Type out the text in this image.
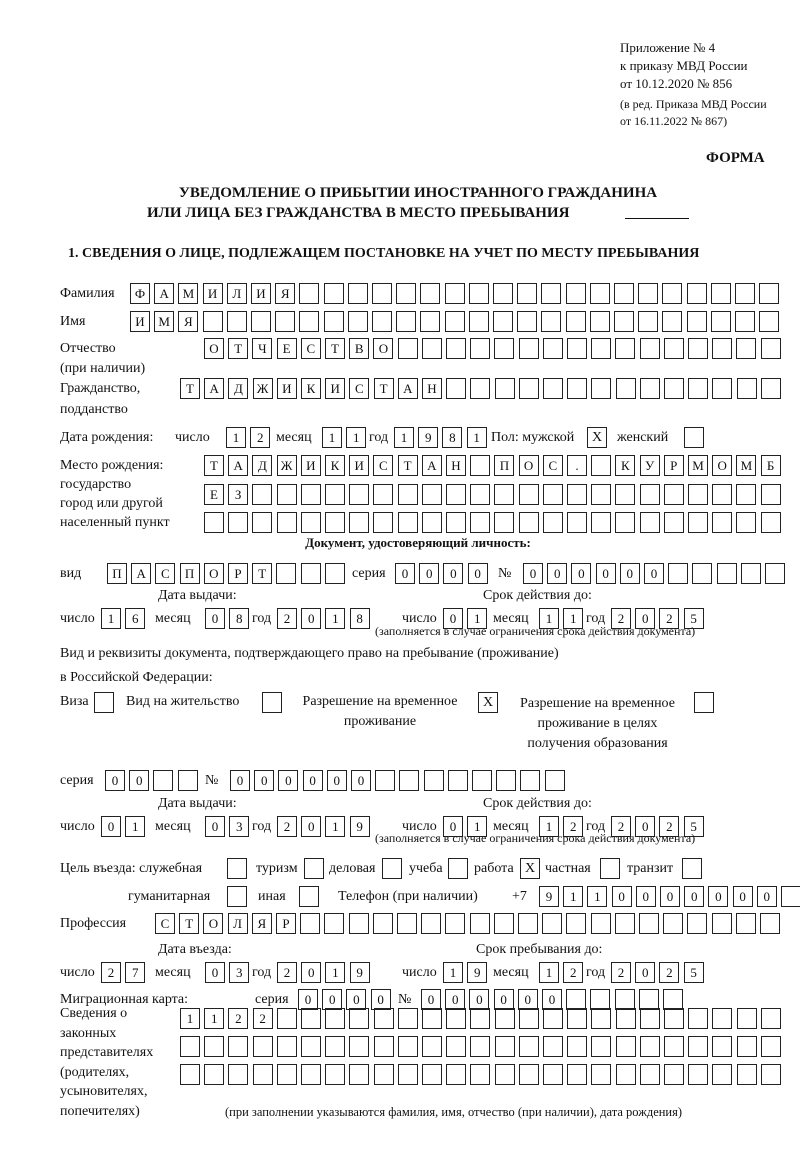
Приложение № 4
к приказу МВД России
от 10.12.2020 № 856
(в ред. Приказа МВД России
от 16.11.2022 № 867)
ФОРМА
УВЕДОМЛЕНИЕ О ПРИБЫТИИ ИНОСТРАННОГО ГРАЖДАНИНА
ИЛИ ЛИЦА БЕЗ ГРАЖДАНСТВА В МЕСТО ПРЕБЫВАНИЯ
1. СВЕДЕНИЯ О ЛИЦЕ, ПОДЛЕЖАЩЕМ ПОСТАНОВКЕ НА УЧЕТ ПО МЕСТУ ПРЕБЫВАНИЯ
Фамилия	Ф	А	М	И	Л	И	Я
Имя	И	М	Я
Отчество
(при наличии)
О	Т	Ч	Е	С	Т	В	О
Гражданство,
подданство
Т	А	Д	Ж	И	К	И	С	Т	А	Н
Дата рождения: число	1	2 месяц	1	1 год 1	9	8	1 Пол: мужской	X	женский
Место рождения:
государство
город или другой
населенный пункт
Т	А	Д	Ж	И	К	И	С	Т	А	Н	П	О	С	.	К	У	Р	М	О	М	Б
Е	З
Документ, удостоверяющий личность:
вид	П	А	С	П	О	Р	Т	серия	0	0	0	0	№	0	0	0	0	0	0
Дата выдачи:	Срок действия до:
число	1	6	месяц	0	8 год 2	0	1	8	число	0	1 месяц	1	1 год 2	0	2	5
(заполняется в случае ограничения срока действия документа)
Вид и реквизиты документа, подтверждающего право на пребывание (проживание)
в Российской Федерации:
Виза	Вид на жительство	Разрешение на временное
проживание
X	Разрешение на временное
проживание в целях
получения образования
серия	0	0	№	0	0	0	0	0	0
Дата выдачи:	Срок действия до:
число	0	1	месяц	0	3 год 2	0	1	9	число	0	1 месяц	1	2 год 2	0	2	5
(заполняется в случае ограничения срока действия документа)
Цель въезда: служебная	туризм деловая учеба работа X частная	транзит
гуманитарная	иная	Телефон (при наличии) +7	9	1	1	0	0	0	0	0	0	0
Профессия	С	Т	О	Л	Я	Р
Дата въезда:	Срок пребывания до:
число	2	7	месяц	0	3 год 2	0	1	9	число	1	9 месяц	1	2 год 2	0	2	5
Миграционная карта:	серия	0	0	0	0	№	0	0	0	0	0	0
Сведения о
законных
представителях
(родителях,
усыновителях,
попечителях)
1	1	2	2
(при заполнении указываются фамилия, имя, отчество (при наличии), дата рождения)
